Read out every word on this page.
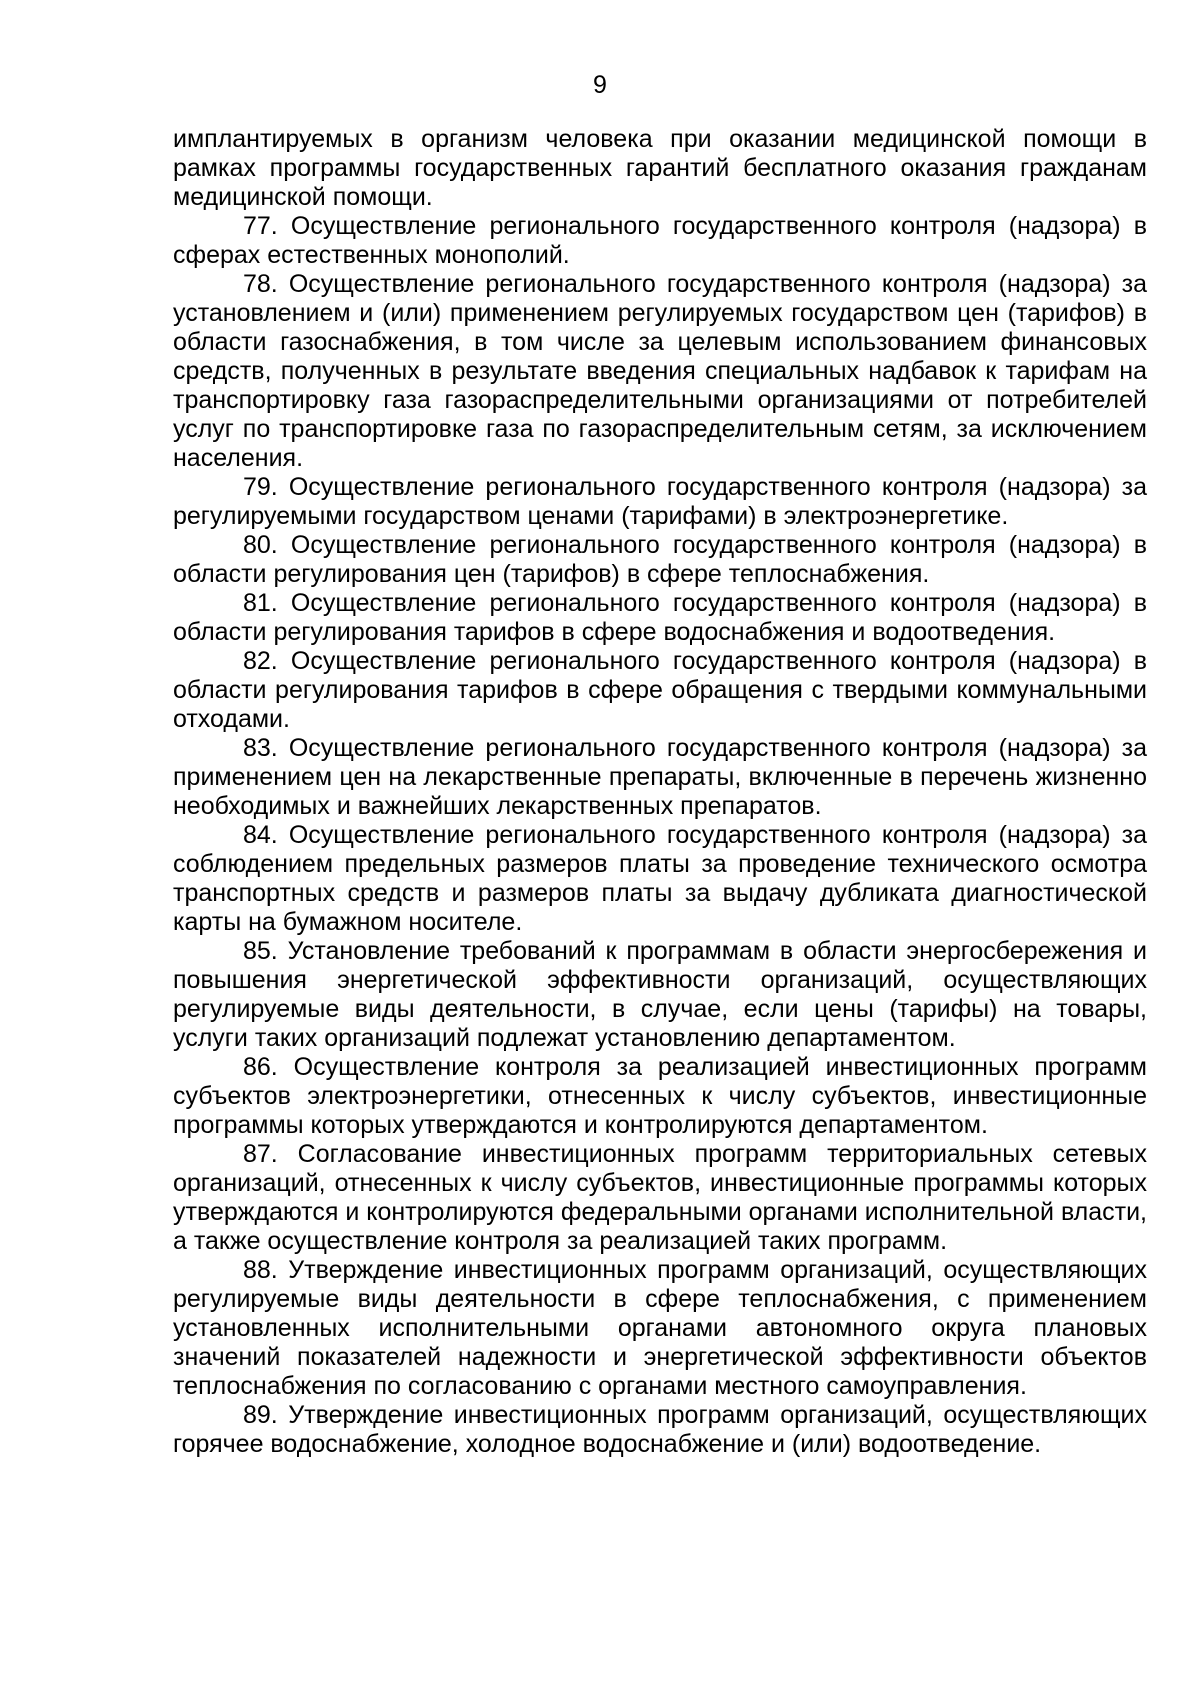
9

имплантируемых в организм человека при оказании медицинской помощи в рамках программы государственных гарантий бесплатного оказания гражданам медицинской помощи.

77. Осуществление регионального государственного контроля (надзора) в сферах естественных монополий.

78. Осуществление регионального государственного контроля (надзора) за установлением и (или) применением регулируемых государством цен (тарифов) в области газоснабжения, в том числе за целевым использованием финансовых средств, полученных в результате введения специальных надбавок к тарифам на транспортировку газа газораспределительными организациями от потребителей услуг по транспортировке газа по газораспределительным сетям, за исключением населения.

79. Осуществление регионального государственного контроля (надзора) за регулируемыми государством ценами (тарифами) в электроэнергетике.

80. Осуществление регионального государственного контроля (надзора) в области регулирования цен (тарифов) в сфере теплоснабжения.

81. Осуществление регионального государственного контроля (надзора) в области регулирования тарифов в сфере водоснабжения и водоотведения.

82. Осуществление регионального государственного контроля (надзора) в области регулирования тарифов в сфере обращения с твердыми коммунальными отходами.

83. Осуществление регионального государственного контроля (надзора) за применением цен на лекарственные препараты, включенные в перечень жизненно необходимых и важнейших лекарственных препаратов.

84. Осуществление регионального государственного контроля (надзора) за соблюдением предельных размеров платы за проведение технического осмотра транспортных средств и размеров платы за выдачу дубликата диагностической карты на бумажном носителе.

85. Установление требований к программам в области энергосбережения и повышения энергетической эффективности организаций, осуществляющих регулируемые виды деятельности, в случае, если цены (тарифы) на товары, услуги таких организаций подлежат установлению департаментом.

86. Осуществление контроля за реализацией инвестиционных программ субъектов электроэнергетики, отнесенных к числу субъектов, инвестиционные программы которых утверждаются и контролируются департаментом.

87. Согласование инвестиционных программ территориальных сетевых организаций, отнесенных к числу субъектов, инвестиционные программы которых утверждаются и контролируются федеральными органами исполнительной власти, а также осуществление контроля за реализацией таких программ.

88. Утверждение инвестиционных программ организаций, осуществляющих регулируемые виды деятельности в сфере теплоснабжения, с применением установленных исполнительными органами автономного округа плановых значений показателей надежности и энергетической эффективности объектов теплоснабжения по согласованию с органами местного самоуправления.

89. Утверждение инвестиционных программ организаций, осуществляющих горячее водоснабжение, холодное водоснабжение и (или) водоотведение.
